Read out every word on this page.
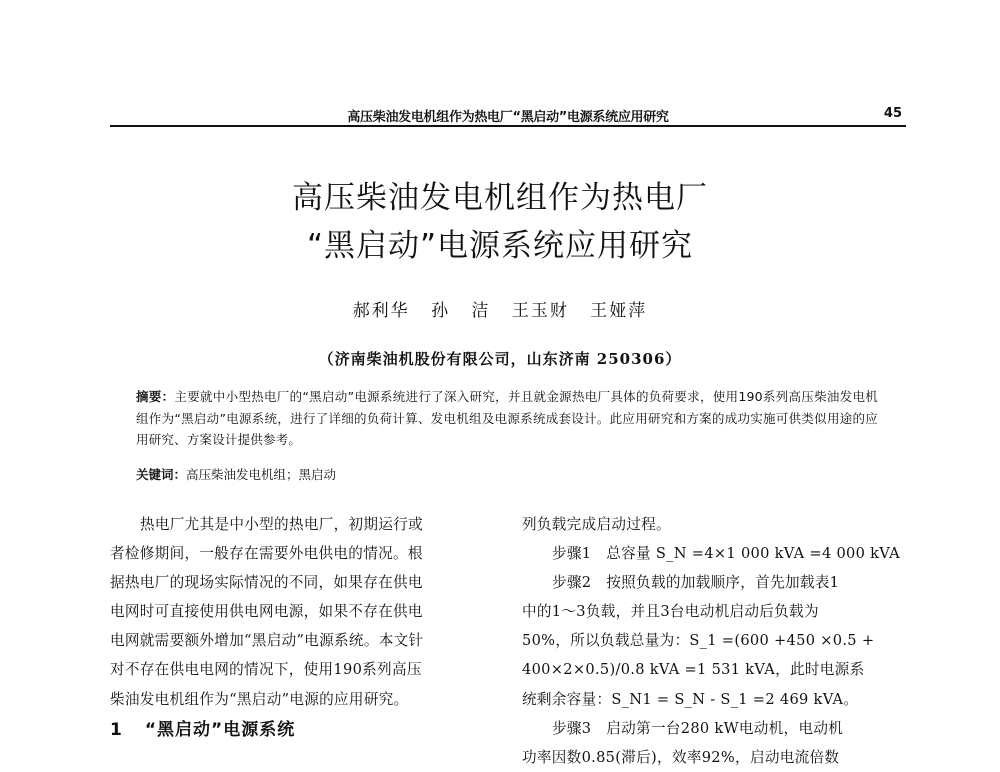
高压柴油发电机组作为热电厂“黑启动”电源系统应用研究	45
高压柴油发电机组作为热电厂
“黑启动”电源系统应用研究
郝利华 孙 洁 王玉财 王娅萍
（济南柴油机股份有限公司，山东济南 250306）
摘要：主要就中小型热电厂的“黑启动”电源系统进行了深入研究，并且就金源热电厂具体的负荷要求，使用190系列高压柴油发电机组作为“黑启动”电源系统，进行了详细的负荷计算、发电机组及电源系统成套设计。此应用研究和方案的成功实施可供类似用途的应用研究、方案设计提供参考。
关键词：高压柴油发电机组；黑启动
热电厂尤其是中小型的热电厂，初期运行或
者检修期间，一般存在需要外电供电的情况。根
据热电厂的现场实际情况的不同，如果存在供电
电网时可直接使用供电网电源，如果不存在供电
电网就需要额外增加“黑启动”电源系统。本文针
对不存在供电电网的情况下，使用190系列高压
柴油发电机组作为“黑启动”电源的应用研究。
1 “黑启动”电源系统
列负载完成启动过程。
步骤1　总容量 S_N =4×1 000 kVA =4 000 kVA
步骤2　按照负载的加载顺序，首先加载表1
中的1～3负载，并且3台电动机启动后负载为
50%，所以负载总量为：S_1 =(600 +450 ×0.5 +
400×2×0.5)/0.8 kVA =1 531 kVA，此时电源系
统剩余容量：S_N1 = S_N - S_1 =2 469 kVA。
步骤3　启动第一台280 kW电动机，电动机
功率因数0.85(滞后)，效率92%，启动电流倍数
